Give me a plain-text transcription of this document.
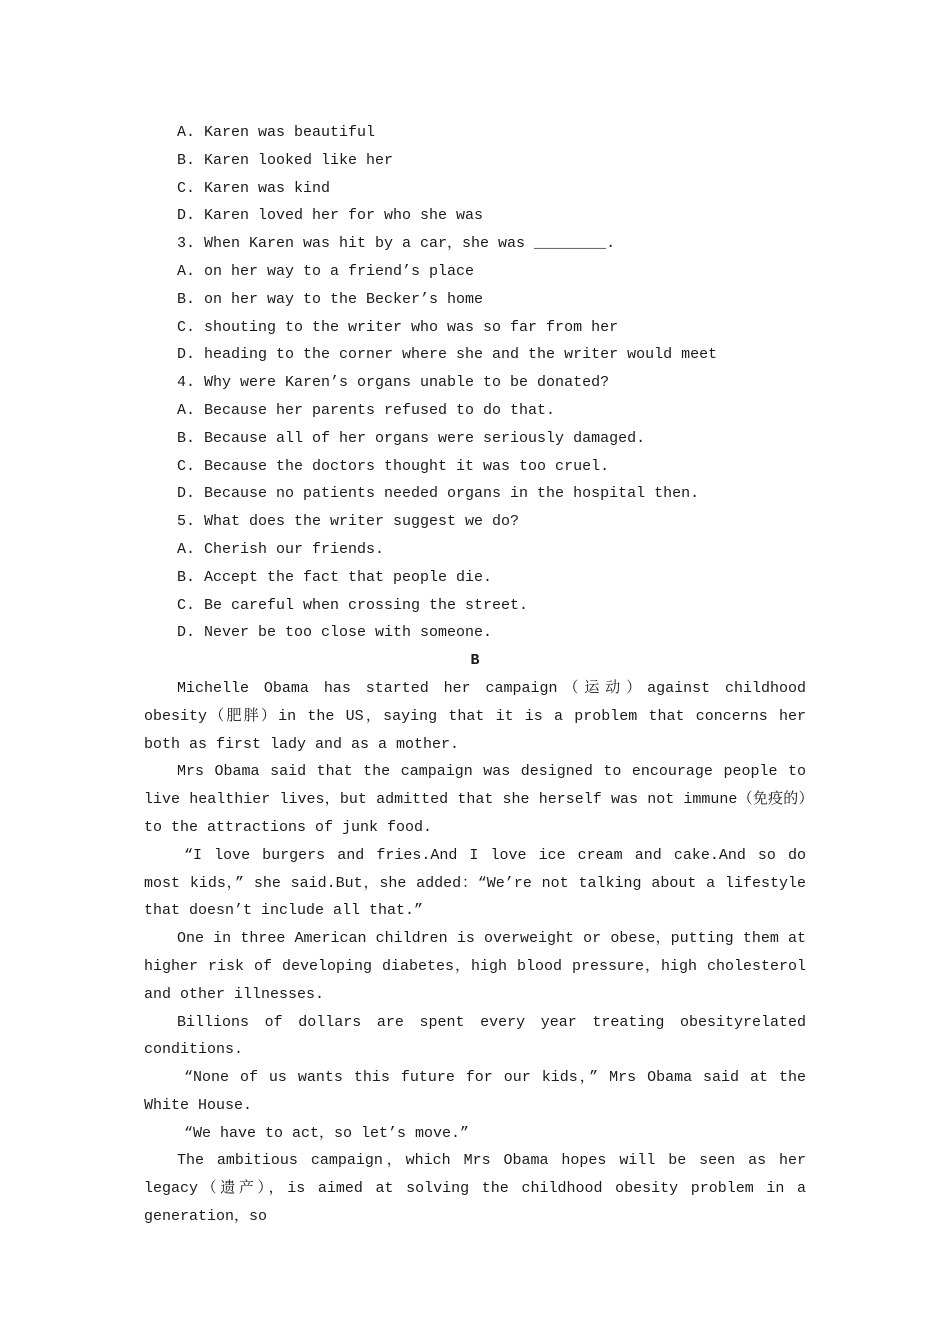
A. Karen was beautiful
B. Karen looked like her
C. Karen was kind
D. Karen loved her for who she was
3. When Karen was hit by a car，she was ________.
A. on her way to a friend’s place
B. on her way to the Becker’s home
C. shouting to the writer who was so far from her
D. heading to the corner where she and the writer would meet
4. Why were Karen’s organs unable to be donated?
A. Because her parents refused to do that.
B. Because all of her organs were seriously damaged.
C. Because the doctors thought it was too cruel.
D. Because no patients needed organs in the hospital then.
5. What does the writer suggest we do?
A. Cherish our friends.
B. Accept the fact that people die.
C. Be careful when crossing the street.
D. Never be too close with someone.
B
Michelle Obama has started her campaign（运动）against childhood obesity（肥胖）in the US，saying that it is a problem that concerns her both as first lady and as a mother.
Mrs Obama said that the campaign was designed to encourage people to live healthier lives，but admitted that she herself was not immune（免疫的）to the attractions of junk food.
“I love burgers and fries.And I love ice cream and cake.And so do most kids，” she said.But，she added：“We’re not talking about a lifestyle that doesn’t include all that.”
One in three American children is overweight or obese，putting them at higher risk of developing diabetes，high blood pressure，high cholesterol and other illnesses.
Billions of dollars are spent every year treating obesityrelated conditions.
“None of us wants this future for our kids，” Mrs Obama said at the White House.
“We have to act，so let’s move.”
The ambitious campaign，which Mrs Obama hopes will be seen as her legacy（遗产），is aimed at solving the childhood obesity problem in a generation，so
